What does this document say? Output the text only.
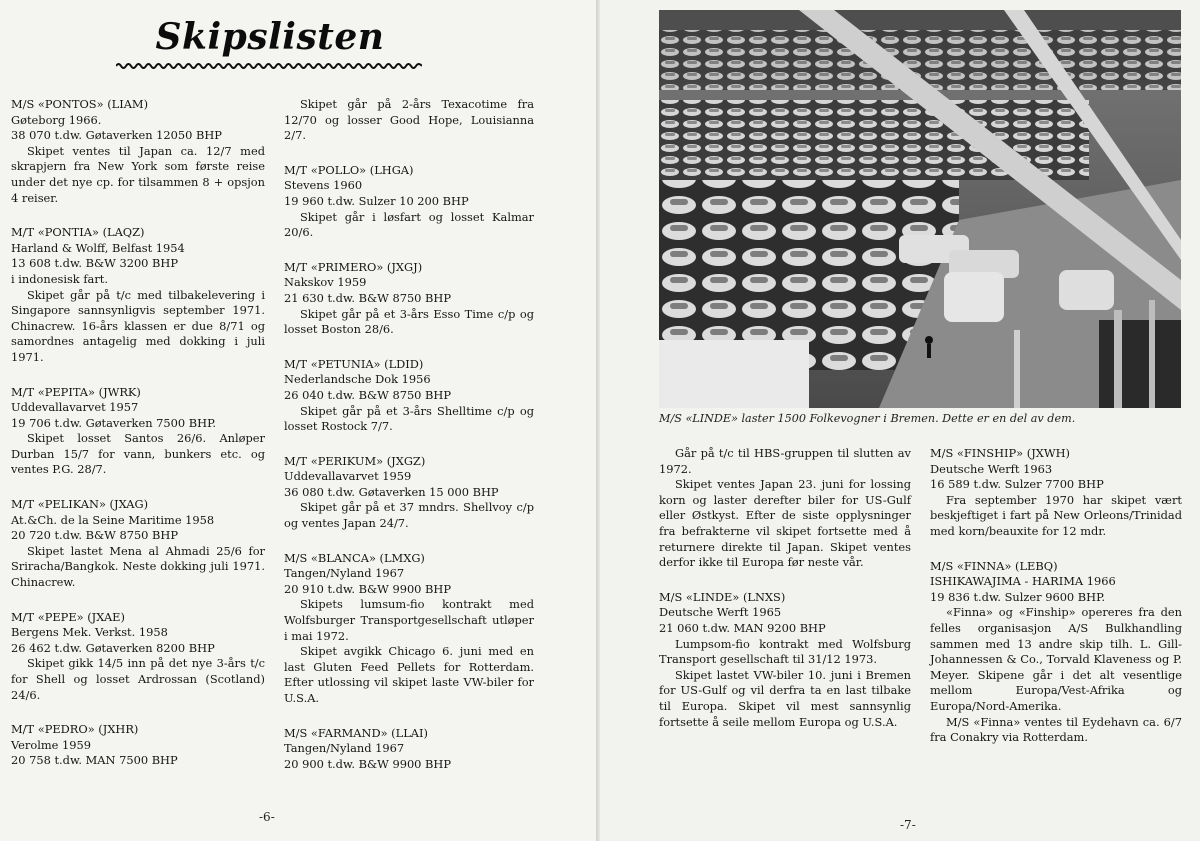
Skipslisten

M/S «PONTOS» (LIAM)

Gøteborg 1966.

38 070 t.dw. Gøtaverken 12050 BHP

Skipet ventes til Japan ca. 12/7 med skrapjern fra New York som første reise under det nye cp. for tilsammen 8 + opsjon 4 reiser.

M/T «PONTIA» (LAQZ)

Harland & Wolff, Belfast 1954

13 608 t.dw. B&W 3200 BHP

i indonesisk fart.

Skipet går på t/c med tilbakelevering i Singapore sannsynligvis september 1971. Chinacrew. 16-års klassen er due 8/71 og samordnes antagelig med dokking i juli 1971.

M/T «PEPITA» (JWRK)

Uddevallavarvet 1957

19 706 t.dw. Gøtaverken 7500 BHP.

Skipet losset Santos 26/6. Anløper Durban 15/7 for vann, bunkers etc. og ventes P.G. 28/7.

M/T «PELIKAN» (JXAG)

At.&Ch. de la Seine Maritime 1958

20 720 t.dw. B&W 8750 BHP

Skipet lastet Mena al Ahmadi 25/6 for Sriracha/Bangkok. Neste dokking juli 1971. Chinacrew.

M/T «PEPE» (JXAE)

Bergens Mek. Verkst. 1958

26 462 t.dw. Gøtaverken 8200 BHP

Skipet gikk 14/5 inn på det nye 3-års t/c for Shell og losset Ardrossan (Scotland) 24/6.

M/T «PEDRO» (JXHR)

Verolme 1959

20 758 t.dw. MAN 7500 BHP

Skipet går på 2-års Texacotime fra 12/70 og losser Good Hope, Louisianna 2/7.

M/T «POLLO» (LHGA)

Stevens 1960

19 960 t.dw. Sulzer 10 200 BHP

Skipet går i løsfart og losset Kalmar 20/6.

M/T «PRIMERO» (JXGJ)

Nakskov 1959

21 630 t.dw. B&W 8750 BHP

Skipet går på et 3-års Esso Time c/p og losset Boston 28/6.

M/T «PETUNIA» (LDID)

Nederlandsche Dok 1956

26 040 t.dw. B&W 8750 BHP

Skipet går på et 3-års Shelltime c/p og losset Rostock 7/7.

M/T «PERIKUM» (JXGZ)

Uddevallavarvet 1959

36 080 t.dw. Gøtaverken 15 000 BHP

Skipet går på et 37 mndrs. Shellvoy c/p og ventes Japan 24/7.

M/S «BLANCA» (LMXG)

Tangen/Nyland 1967

20 910 t.dw. B&W 9900 BHP

Skipets lumsum-fio kontrakt med Wolfsburger Transportgesellschaft utløper i mai 1972.

Skipet avgikk Chicago 6. juni med en last Gluten Feed Pellets for Rotterdam. Efter utlossing vil skipet laste VW-biler for U.S.A.

M/S «FARMAND» (LLAI)

Tangen/Nyland 1967

20 900 t.dw. B&W 9900 BHP

-6-
M/S «LINDE» laster 1500 Folkevogner i Bremen. Dette er en del av dem.

Går på t/c til HBS-gruppen til slutten av 1972.

Skipet ventes Japan 23. juni for lossing korn og laster derefter biler for US-Gulf eller Østkyst. Efter de siste opplysninger fra befrakterne vil skipet fortsette med å returnere direkte til Japan. Skipet ventes derfor ikke til Europa før neste vår.

M/S «LINDE» (LNXS)

Deutsche Werft 1965

21 060 t.dw. MAN 9200 BHP

Lumpsom-fio kontrakt med Wolfsburg Transport gesellschaft til 31/12 1973.

Skipet lastet VW-biler 10. juni i Bremen for US-Gulf og vil derfra ta en last tilbake til Europa. Skipet vil mest sannsynlig fortsette å seile mellom Europa og U.S.A.

M/S «FINSHIP» (JXWH)

Deutsche Werft 1963

16 589 t.dw. Sulzer 7700 BHP

Fra september 1970 har skipet vært beskjeftiget i fart på New Orleons/Trinidad med korn/beauxite for 12 mdr.

M/S «FINNA» (LEBQ)

ISHIKAWAJIMA - HARIMA 1966

19 836 t.dw. Sulzer 9600 BHP.

«Finna» og «Finship» opereres fra den felles organisasjon A/S Bulkhandling sammen med 13 andre skip tilh. L. Gill-Johannessen & Co., Torvald Klaveness og P. Meyer. Skipene går i det alt vesentlige mellom Europa/Vest-Afrika og Europa/Nord-Amerika.

M/S «Finna» ventes til Eydehavn ca. 6/7 fra Conakry via Rotterdam.

-7-
